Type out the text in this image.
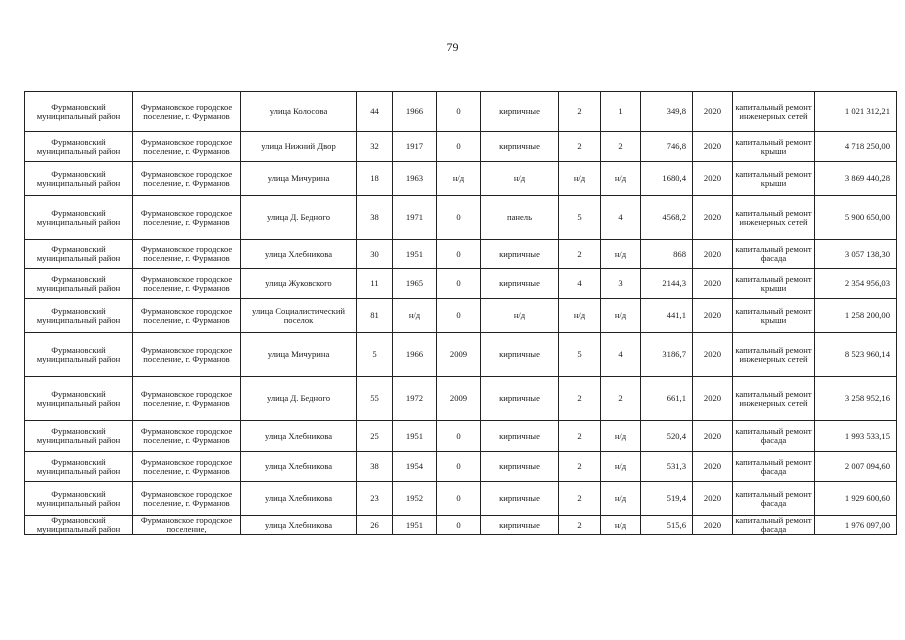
79
Фурмановский муниципальный район	Фурмановское городское поселение, г. Фурманов	улица Колосова	44	1966	0	кирпичные	2	1	349,8	2020	капитальный ремонт инженерных сетей	1 021 312,21
Фурмановский муниципальный район	Фурмановское городское поселение, г. Фурманов	улица Нижний Двор	32	1917	0	кирпичные	2	2	746,8	2020	капитальный ремонт крыши	4 718 250,00
Фурмановский муниципальный район	Фурмановское городское поселение, г. Фурманов	улица Мичурина	18	1963	н/д	н/д	н/д	н/д	1680,4	2020	капитальный ремонт крыши	3 869 440,28
Фурмановский муниципальный район	Фурмановское городское поселение, г. Фурманов	улица Д. Бедного	38	1971	0	панель	5	4	4568,2	2020	капитальный ремонт инженерных сетей	5 900 650,00
Фурмановский муниципальный район	Фурмановское городское поселение, г. Фурманов	улица Хлебникова	30	1951	0	кирпичные	2	н/д	868	2020	капитальный ремонт фасада	3 057 138,30
Фурмановский муниципальный район	Фурмановское городское поселение, г. Фурманов	улица Жуковского	11	1965	0	кирпичные	4	3	2144,3	2020	капитальный ремонт крыши	2 354 956,03
Фурмановский муниципальный район	Фурмановское городское поселение, г. Фурманов	улица Социалистический поселок	81	н/д	0	н/д	н/д	н/д	441,1	2020	капитальный ремонт крыши	1 258 200,00
Фурмановский муниципальный район	Фурмановское городское поселение, г. Фурманов	улица Мичурина	5	1966	2009	кирпичные	5	4	3186,7	2020	капитальный ремонт инженерных сетей	8 523 960,14
Фурмановский муниципальный район	Фурмановское городское поселение, г. Фурманов	улица Д. Бедного	55	1972	2009	кирпичные	2	2	661,1	2020	капитальный ремонт инженерных сетей	3 258 952,16
Фурмановский муниципальный район	Фурмановское городское поселение, г. Фурманов	улица Хлебникова	25	1951	0	кирпичные	2	н/д	520,4	2020	капитальный ремонт фасада	1 993 533,15
Фурмановский муниципальный район	Фурмановское городское поселение, г. Фурманов	улица Хлебникова	38	1954	0	кирпичные	2	н/д	531,3	2020	капитальный ремонт фасада	2 007 094,60
Фурмановский муниципальный район	Фурмановское городское поселение, г. Фурманов	улица Хлебникова	23	1952	0	кирпичные	2	н/д	519,4	2020	капитальный ремонт фасада	1 929 600,60

Фурмановский муниципальный район	Фурмановское городское поселение,	улица Хлебникова	26	1951	0	кирпичные	2	н/д	515,6	2020	капитальный ремонт фасада	1 976 097,00
